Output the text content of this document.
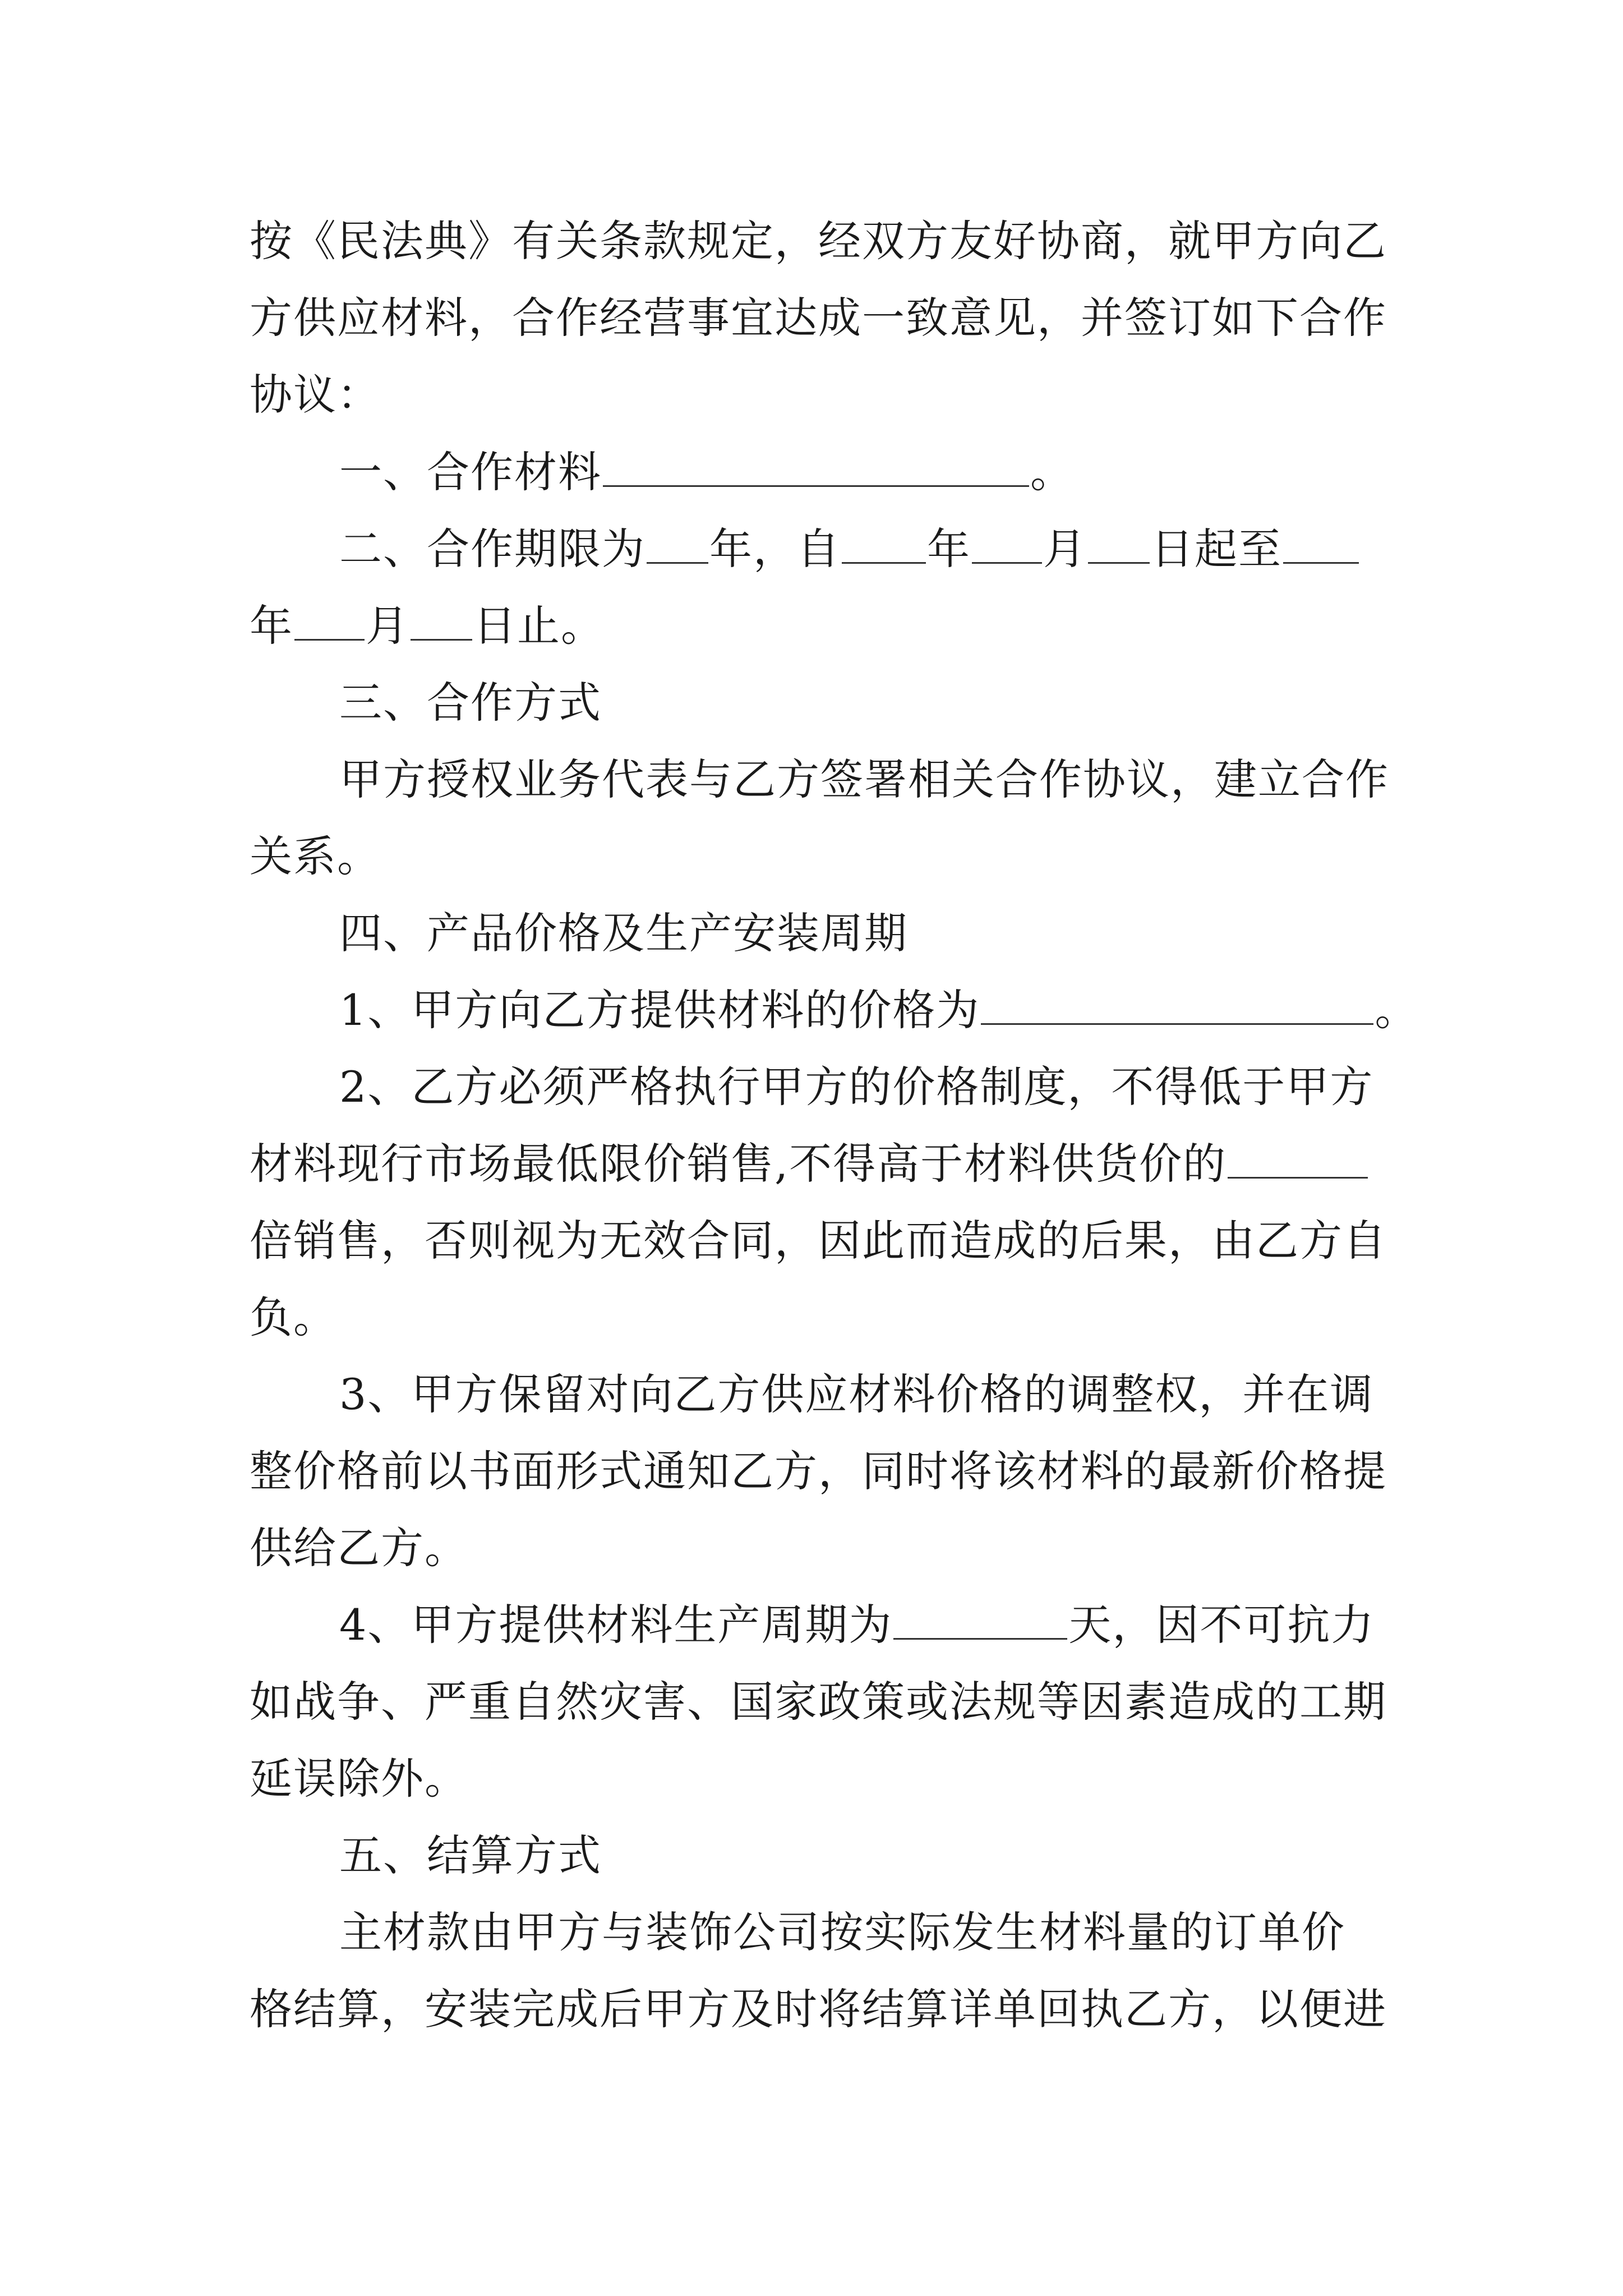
按《民法典》有关条款规定，经双方友好协商，就甲方向乙

方供应材料，合作经营事宜达成一致意见，并签订如下合作

协议：

一、合作材料	。

二、合作期限为 年，自 年 月 日起至

年 月 日止。

三、合作方式

甲方授权业务代表与乙方签署相关合作协议，建立合作

关系。

四、产品价格及生产安装周期

1、甲方向乙方提供材料的价格为	。

2、乙方必须严格执行甲方的价格制度，不得低于甲方

材料现行市场最低限价销售,不得高于材料供货价的

倍销售，否则视为无效合同，因此而造成的后果，由乙方自

负。

3、甲方保留对向乙方供应材料价格的调整权，并在调

整价格前以书面形式通知乙方，同时将该材料的最新价格提

供给乙方。

4、甲方提供材料生产周期为	天，因不可抗力

如战争、严重自然灾害、国家政策或法规等因素造成的工期

延误除外。

五、结算方式

主材款由甲方与装饰公司按实际发生材料量的订单价

格结算，安装完成后甲方及时将结算详单回执乙方，以便进
